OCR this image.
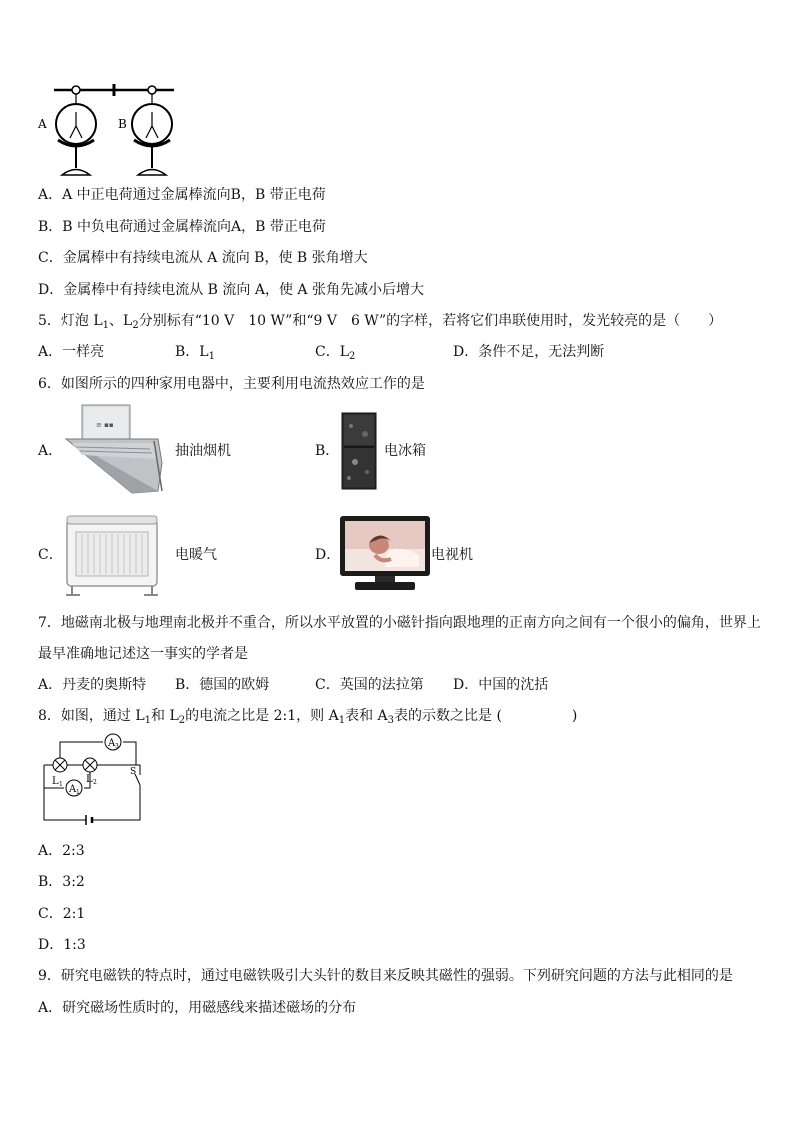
A	B
A．A 中正电荷通过金属棒流向B，B 带正电荷
B．B 中负电荷通过金属棒流向A，B 带正电荷
C．金属棒中有持续电流从 A 流向 B，使 B 张角增大
D．金属棒中有持续电流从 B 流向 A，使 A 张角先减小后增大
5．灯泡 $L_1$、$L_2$分别标有“10 V　10 W”和“9 V　6 W”的字样，若将它们串联使用时，发光较亮的是（　　）
A．一样亮	B．$L_1$	C．$L_2$	D．条件不足，无法判断
6．如图所示的四种家用电器中，主要利用电流热效应工作的是
A．
≡ ▪▪
抽油烟机	B．	电冰箱
C．	电暖气	D．	电视机
7．地磁南北极与地理南北极并不重合，所以水平放置的小磁针指向跟地理的正南方向之间有一个很小的偏角，世界上
最早准确地记述这一事实的学者是
A．丹麦的奥斯特 B．德国的欧姆	C．英国的法拉第 D．中国的沈括
8．如图，通过 $L_1$和 $L_2$的电流之比是 2:1，则 $A_1$表和 $A_3$表的示数之比是 (　　　　　)
A 3
A 1
L 1 L 2
S
A．2:3
B．3:2
C．2:1
D．1:3
9．研究电磁铁的特点时，通过电磁铁吸引大头针的数目来反映其磁性的强弱。下列研究问题的方法与此相同的是
A．研究磁场性质时的，用磁感线来描述磁场的分布
